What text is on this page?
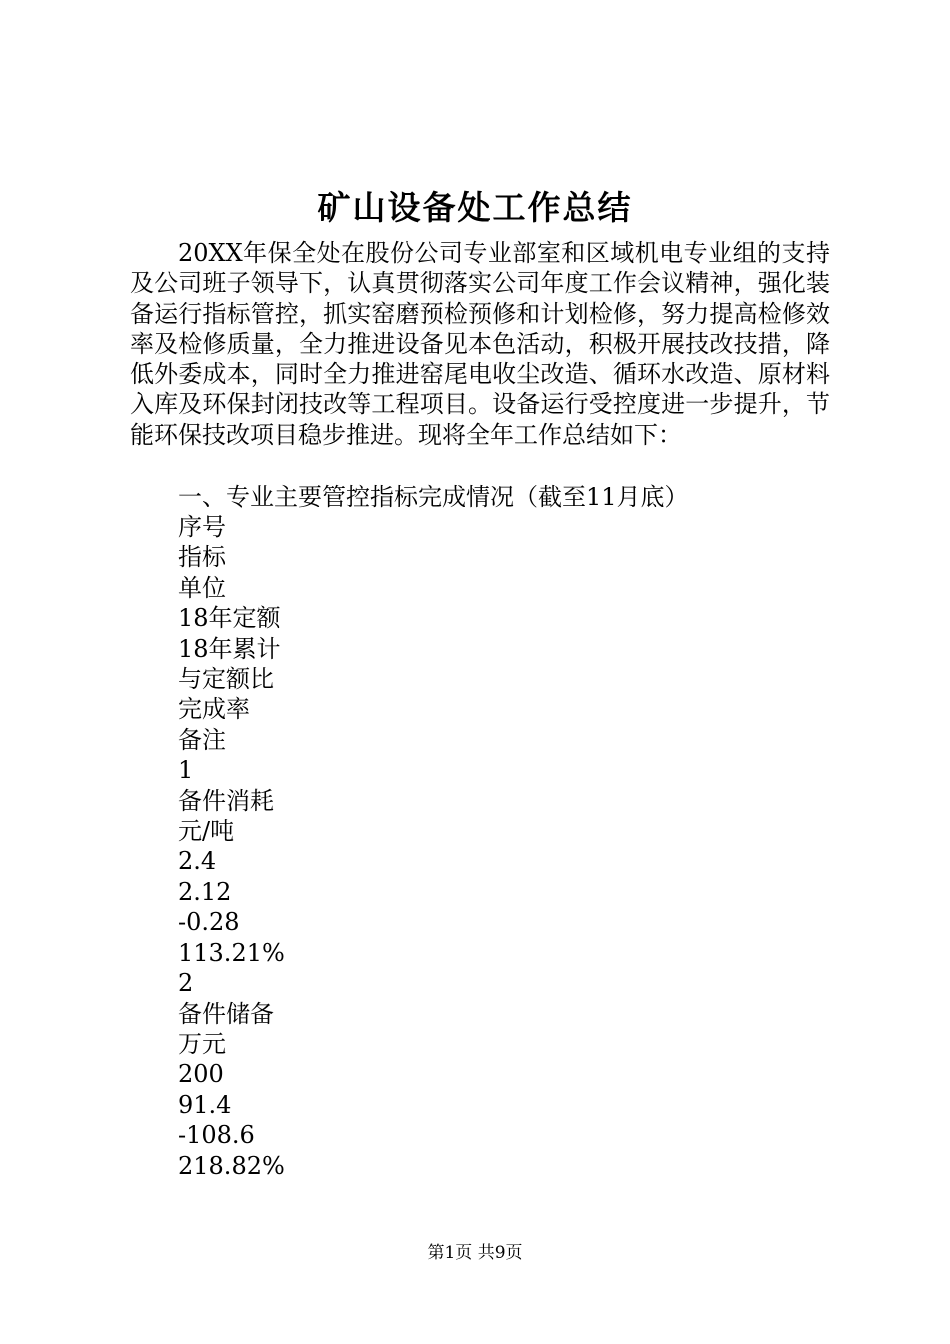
矿山设备处工作总结

20XX年保全处在股份公司专业部室和区域机电专业组的支持及公司班子领导下，认真贯彻落实公司年度工作会议精神，强化装备运行指标管控，抓实窑磨预检预修和计划检修，努力提高检修效率及检修质量，全力推进设备见本色活动，积极开展技改技措，降低外委成本，同时全力推进窑尾电收尘改造、循环水改造、原材料入库及环保封闭技改等工程项目。设备运行受控度进一步提升，节能环保技改项目稳步推进。现将全年工作总结如下：

一、专业主要管控指标完成情况（截至11月底）
序号
指标
单位
18年定额
18年累计
与定额比
完成率
备注
1
备件消耗
元/吨
2.4
2.12
-0.28
113.21%
2
备件储备
万元
200
91.4
-108.6
218.82%
第1页 共9页
